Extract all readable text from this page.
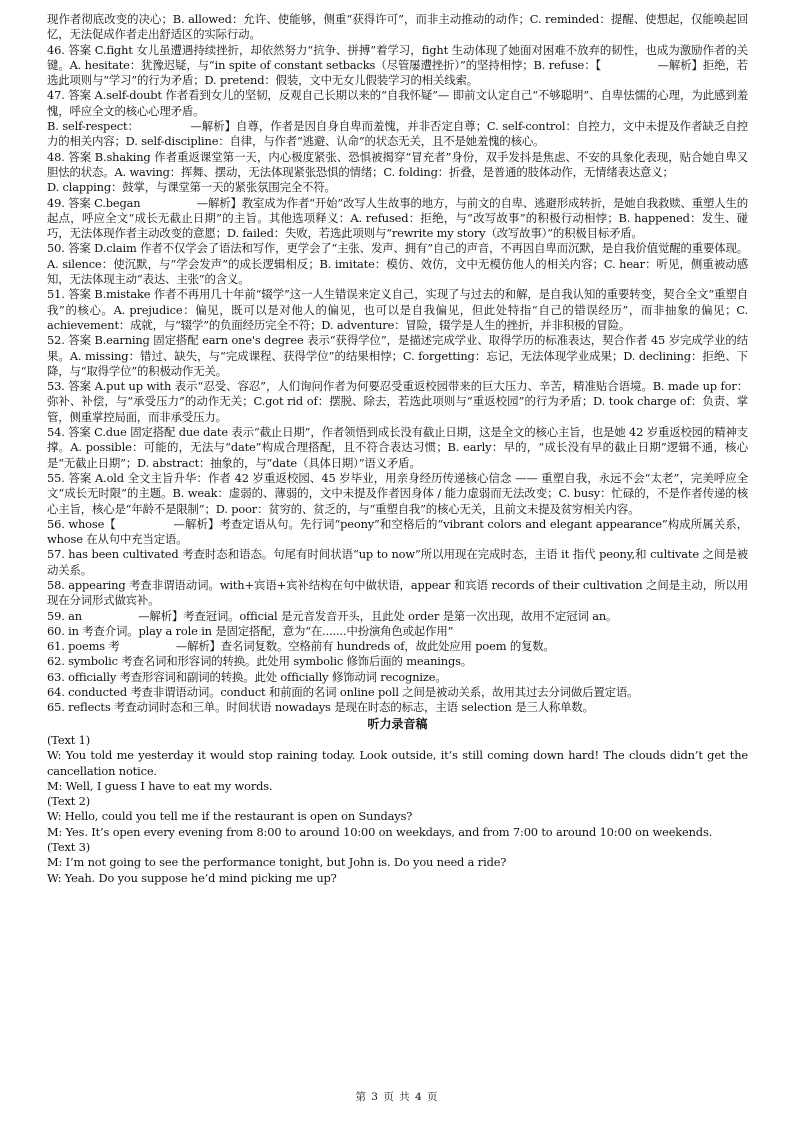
现作者彻底改变的决心；B. allowed：允许、使能够，侧重“获得许可”，而非主动推动的动作；C. reminded：提醒、使想起，仅能唤起回忆，无法促成作者走出舒适区的实际行动。

46. 答案 C.fight 女儿虽遭遇持续挫折，却依然努力“抗争、拼搏”着学习，fight 生动体现了她面对困难不放弃的韧性，也成为激励作者的关键。A. hesitate：犹豫迟疑，与“in spite of constant setbacks（尽管屡遭挫折）”的坚持相悖；B. refuse：【　　　　　—解析】拒绝，若选此项则与“学习”的行为矛盾；D. pretend：假装，文中无女儿假装学习的相关线索。

47. 答案 A.self-doubt 作者看到女儿的坚韧，反观自己长期以来的“自我怀疑”— 即前文认定自己“不够聪明”、自卑怯懦的心理，为此感到羞愧，呼应全文的核心心理矛盾。

B. self-respect：　　　　　—解析】自尊，作者是因自身自卑而羞愧，并非否定自尊；C. self-control：自控力，文中未提及作者缺乏自控力的相关内容；D. self-discipline：自律，与作者“逃避、认命”的状态无关，且不是她羞愧的核心。

48. 答案 B.shaking 作者重返课堂第一天，内心极度紧张、恐惧被揭穿“冒充者”身份，双手发抖是焦虑、不安的具象化表现，贴合她自卑又胆怯的状态。A. waving：挥舞、摆动，无法体现紧张恐惧的情绪；C. folding：折叠，是普通的肢体动作，无情绪表达意义；

D. clapping：鼓掌，与课堂第一天的紧张氛围完全不符。

49. 答案 C.began　　　　　—解析】教室成为作者“开始”改写人生故事的地方，与前文的自卑、逃避形成转折，是她自我救赎、重塑人生的起点，呼应全文“成长无截止日期”的主旨。其他选项释义：A. refused：拒绝，与“改写故事”的积极行动相悖；B. happened：发生、碰巧，无法体现作者主动改变的意愿；D. failed：失败，若选此项则与“rewrite my story（改写故事）”的积极目标矛盾。

50. 答案 D.claim 作者不仅学会了语法和写作，更学会了“主张、发声、拥有”自己的声音，不再因自卑而沉默，是自我价值觉醒的重要体现。A. silence：使沉默，与“学会发声”的成长逻辑相反；B. imitate：模仿、效仿，文中无模仿他人的相关内容；C. hear：听见，侧重被动感知，无法体现主动“表达、主张”的含义。

51. 答案 B.mistake 作者不再用几十年前“辍学”这一人生错误来定义自己，实现了与过去的和解，是自我认知的重要转变，契合全文“重塑自我”的核心。A. prejudice：偏见，既可以是对他人的偏见，也可以是自我偏见，但此处特指“自己的错误经历”，而非抽象的偏见；C. achievement：成就，与“辍学”的负面经历完全不符；D. adventure：冒险，辍学是人生的挫折，并非积极的冒险。

52. 答案 B.earning 固定搭配 earn one's degree 表示“获得学位”，是描述完成学业、取得学历的标准表达，契合作者 45 岁完成学业的结果。A. missing：错过、缺失，与“完成课程、获得学位”的结果相悖；C. forgetting：忘记，无法体现学业成果；D. declining：拒绝、下降，与“取得学位”的积极动作无关。

53. 答案 A.put up with 表示“忍受、容忍”，人们询问作者为何要忍受重返校园带来的巨大压力、辛苦，精准贴合语境。B. made up for：弥补、补偿，与“承受压力”的动作无关；C.got rid of：摆脱、除去，若选此项则与“重返校园”的行为矛盾；D. took charge of：负责、掌管，侧重掌控局面，而非承受压力。

54. 答案 C.due 固定搭配 due date 表示“截止日期”，作者领悟到成长没有截止日期，这是全文的核心主旨，也是她 42 岁重返校园的精神支撑。A. possible：可能的，无法与“date”构成合理搭配，且不符合表达习惯；B. early：早的，“成长没有早的截止日期”逻辑不通，核心是“无截止日期”；D. abstract：抽象的，与“date（具体日期）”语义矛盾。

55. 答案 A.old 全文主旨升华：作者 42 岁重返校园、45 岁毕业，用亲身经历传递核心信念 —— 重塑自我，永远不会“太老”，完美呼应全文“成长无时限”的主题。B. weak：虚弱的、薄弱的，文中未提及作者因身体 / 能力虚弱而无法改变；C. busy：忙碌的，不是作者传递的核心主旨，核心是“年龄不是限制”；D. poor：贫穷的、贫乏的，与“重塑自我”的核心无关，且前文未提及贫穷相关内容。

56. whose【　　　　　—解析】考查定语从句。先行词“peony”和空格后的“vibrant colors and elegant appearance”构成所属关系，whose 在从句中充当定语。

57. has been cultivated 考查时态和语态。句尾有时间状语“up to now”所以用现在完成时态，主语 it 指代 peony,和 cultivate 之间是被动关系。

58. appearing 考查非谓语动词。with+宾语+宾补结构在句中做状语，appear 和宾语 records of their cultivation 之间是主动，所以用现在分词形式做宾补。

59. an　　　　　—解析】考查冠词。official 是元音发音开头，且此处 order 是第一次出现，故用不定冠词 an。

60. in 考查介词。play a role in 是固定搭配，意为“在.......中扮演角色或起作用”

61. poems 考　　　　　—解析】查名词复数。空格前有 hundreds of，故此处应用 poem 的复数。

62. symbolic 考查名词和形容词的转换。此处用 symbolic 修饰后面的 meanings。

63. officially 考查形容词和副词的转换。此处 officially 修饰动词 recognize。

64. conducted 考查非谓语动词。conduct 和前面的名词 online poll 之间是被动关系，故用其过去分词做后置定语。

65. reflects 考查动词时态和三单。时间状语 nowadays 是现在时态的标志，主语 selection 是三人称单数。

听力录音稿

(Text 1)

W: You told me yesterday it would stop raining today. Look outside, it’s still coming down hard! The clouds didn’t get the cancellation notice.

M: Well, I guess I have to eat my words.

(Text 2)

W: Hello, could you tell me if the restaurant is open on Sundays?

M: Yes. It’s open every evening from 8:00 to around 10:00 on weekdays, and from 7:00 to around 10:00 on weekends.

(Text 3)

M: I’m not going to see the performance tonight, but John is. Do you need a ride?

W: Yeah. Do you suppose he’d mind picking me up?

第 3 页 共 4 页
